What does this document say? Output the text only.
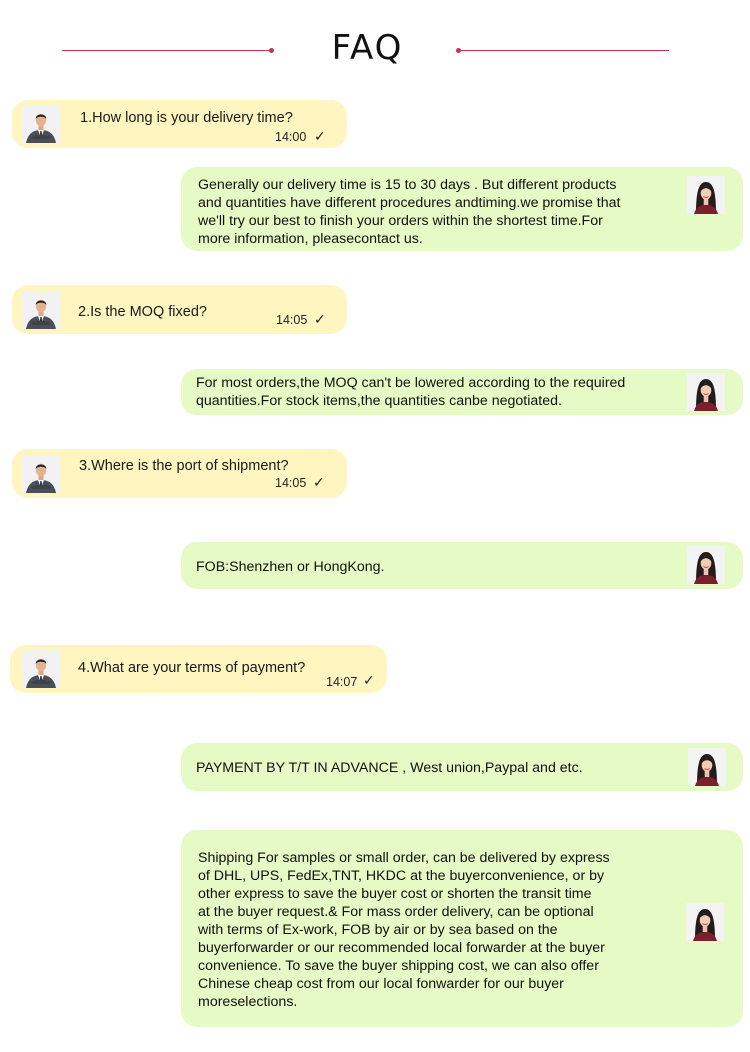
FAQ
1.How long is your delivery time?
14:00 ✓
Generally our delivery time is 15 to 30 days . But different products
and quantities have different procedures andtiming.we promise that
we'll try our best to finish your orders within the shortest time.For
more information, pleasecontact us.
2.Is the MOQ fixed?	14:05 ✓
For most orders,the MOQ can't be lowered according to the required
quantities.For stock items,the quantities canbe negotiated.
3.Where is the port of shipment?
14:05 ✓
FOB:Shenzhen or HongKong.
4.What are your terms of payment?
14:07 ✓
PAYMENT BY T/T IN ADVANCE , West union,Paypal and etc.
Shipping For samples or small order, can be delivered by express
of DHL, UPS, FedEx,TNT, HKDC at the buyerconvenience, or by
other express to save the buyer cost or shorten the transit time
at the buyer request.& For mass order delivery, can be optional
with terms of Ex-work, FOB by air or by sea based on the
buyerforwarder or our recommended local forwarder at the buyer
convenience. To save the buyer shipping cost, we can also offer
Chinese cheap cost from our local fonwarder for our buyer
moreselections.
